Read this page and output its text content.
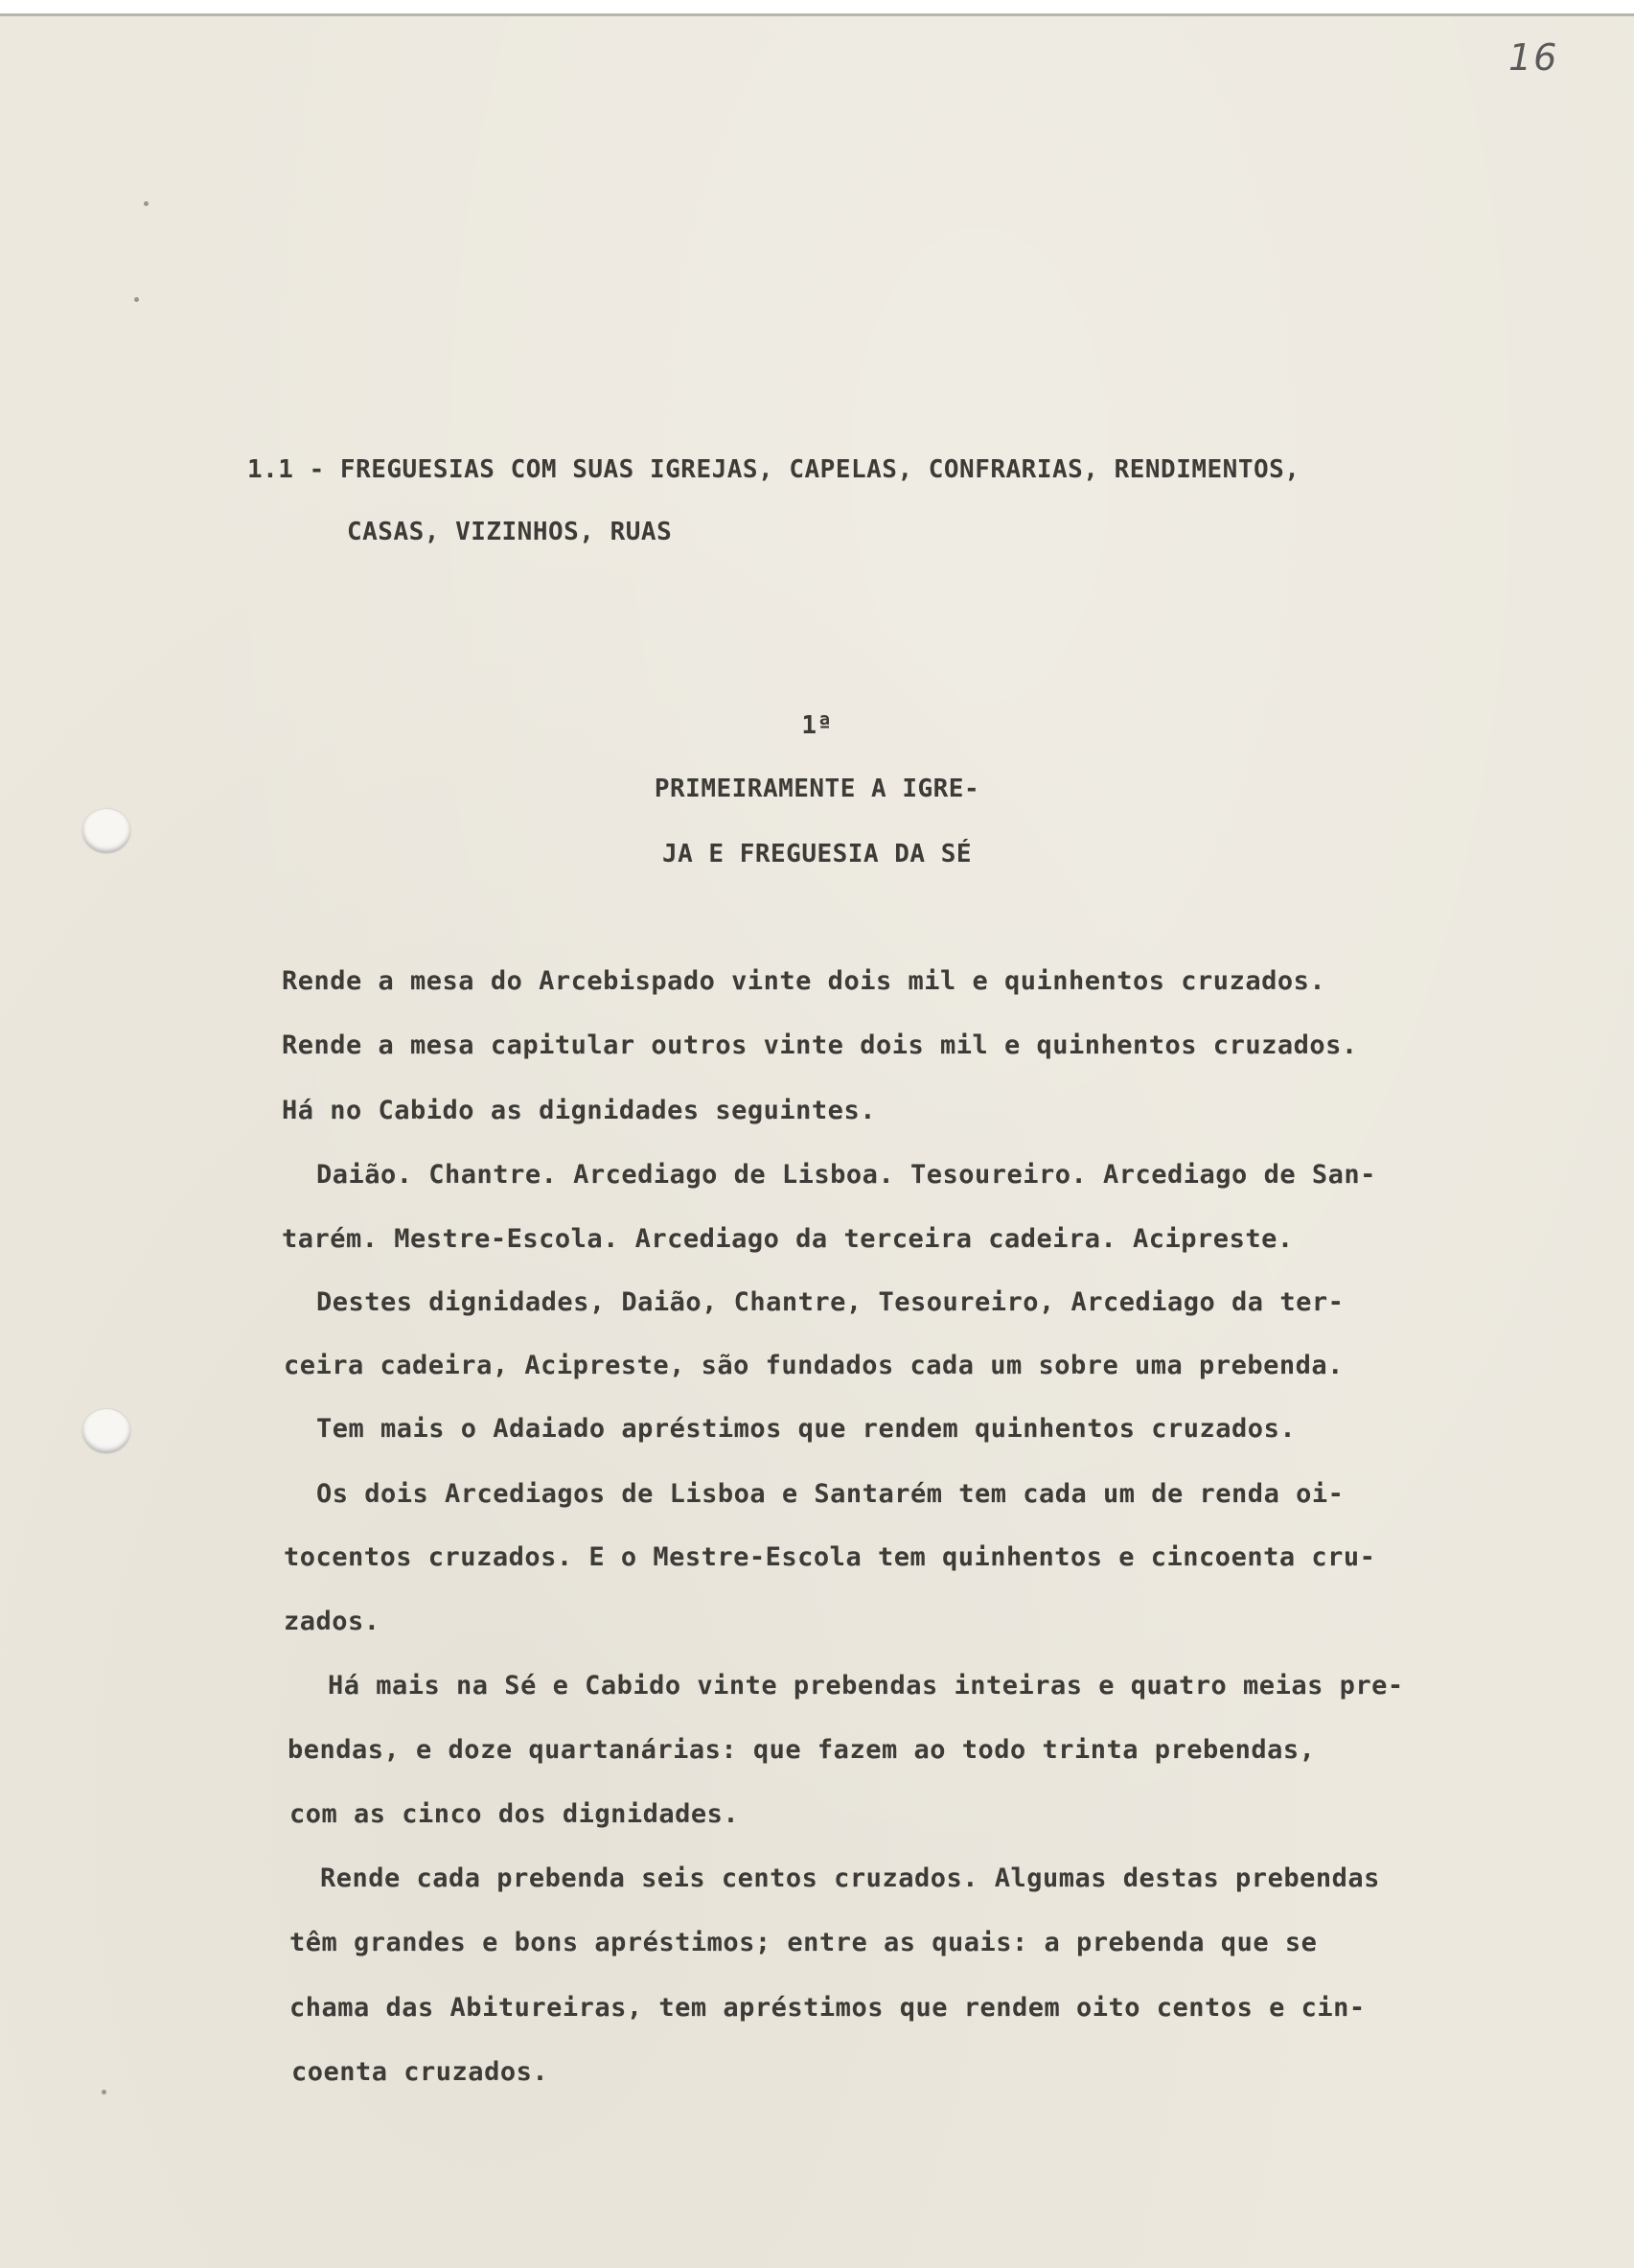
16
1.1 - FREGUESIAS COM SUAS IGREJAS, CAPELAS, CONFRARIAS, RENDIMENTOS,
CASAS, VIZINHOS, RUAS
1ª
PRIMEIRAMENTE A IGRE-
JA E FREGUESIA DA SÉ
Rende a mesa do Arcebispado vinte dois mil e quinhentos cruzados.
Rende a mesa capitular outros vinte dois mil e quinhentos cruzados.
Há no Cabido as dignidades seguintes.
Daião. Chantre. Arcediago de Lisboa. Tesoureiro. Arcediago de San-
tarém. Mestre-Escola. Arcediago da terceira cadeira. Acipreste.
Destes dignidades, Daião, Chantre, Tesoureiro, Arcediago da ter-
ceira cadeira, Acipreste, são fundados cada um sobre uma prebenda.
Tem mais o Adaiado apréstimos que rendem quinhentos cruzados.
Os dois Arcediagos de Lisboa e Santarém tem cada um de renda oi-
tocentos cruzados. E o Mestre-Escola tem quinhentos e cincoenta cru-
zados.
Há mais na Sé e Cabido vinte prebendas inteiras e quatro meias pre-
bendas, e doze quartanárias: que fazem ao todo trinta prebendas,
com as cinco dos dignidades.
Rende cada prebenda seis centos cruzados. Algumas destas prebendas
têm grandes e bons apréstimos; entre as quais: a prebenda que se
chama das Abitureiras, tem apréstimos que rendem oito centos e cin-
coenta cruzados.
